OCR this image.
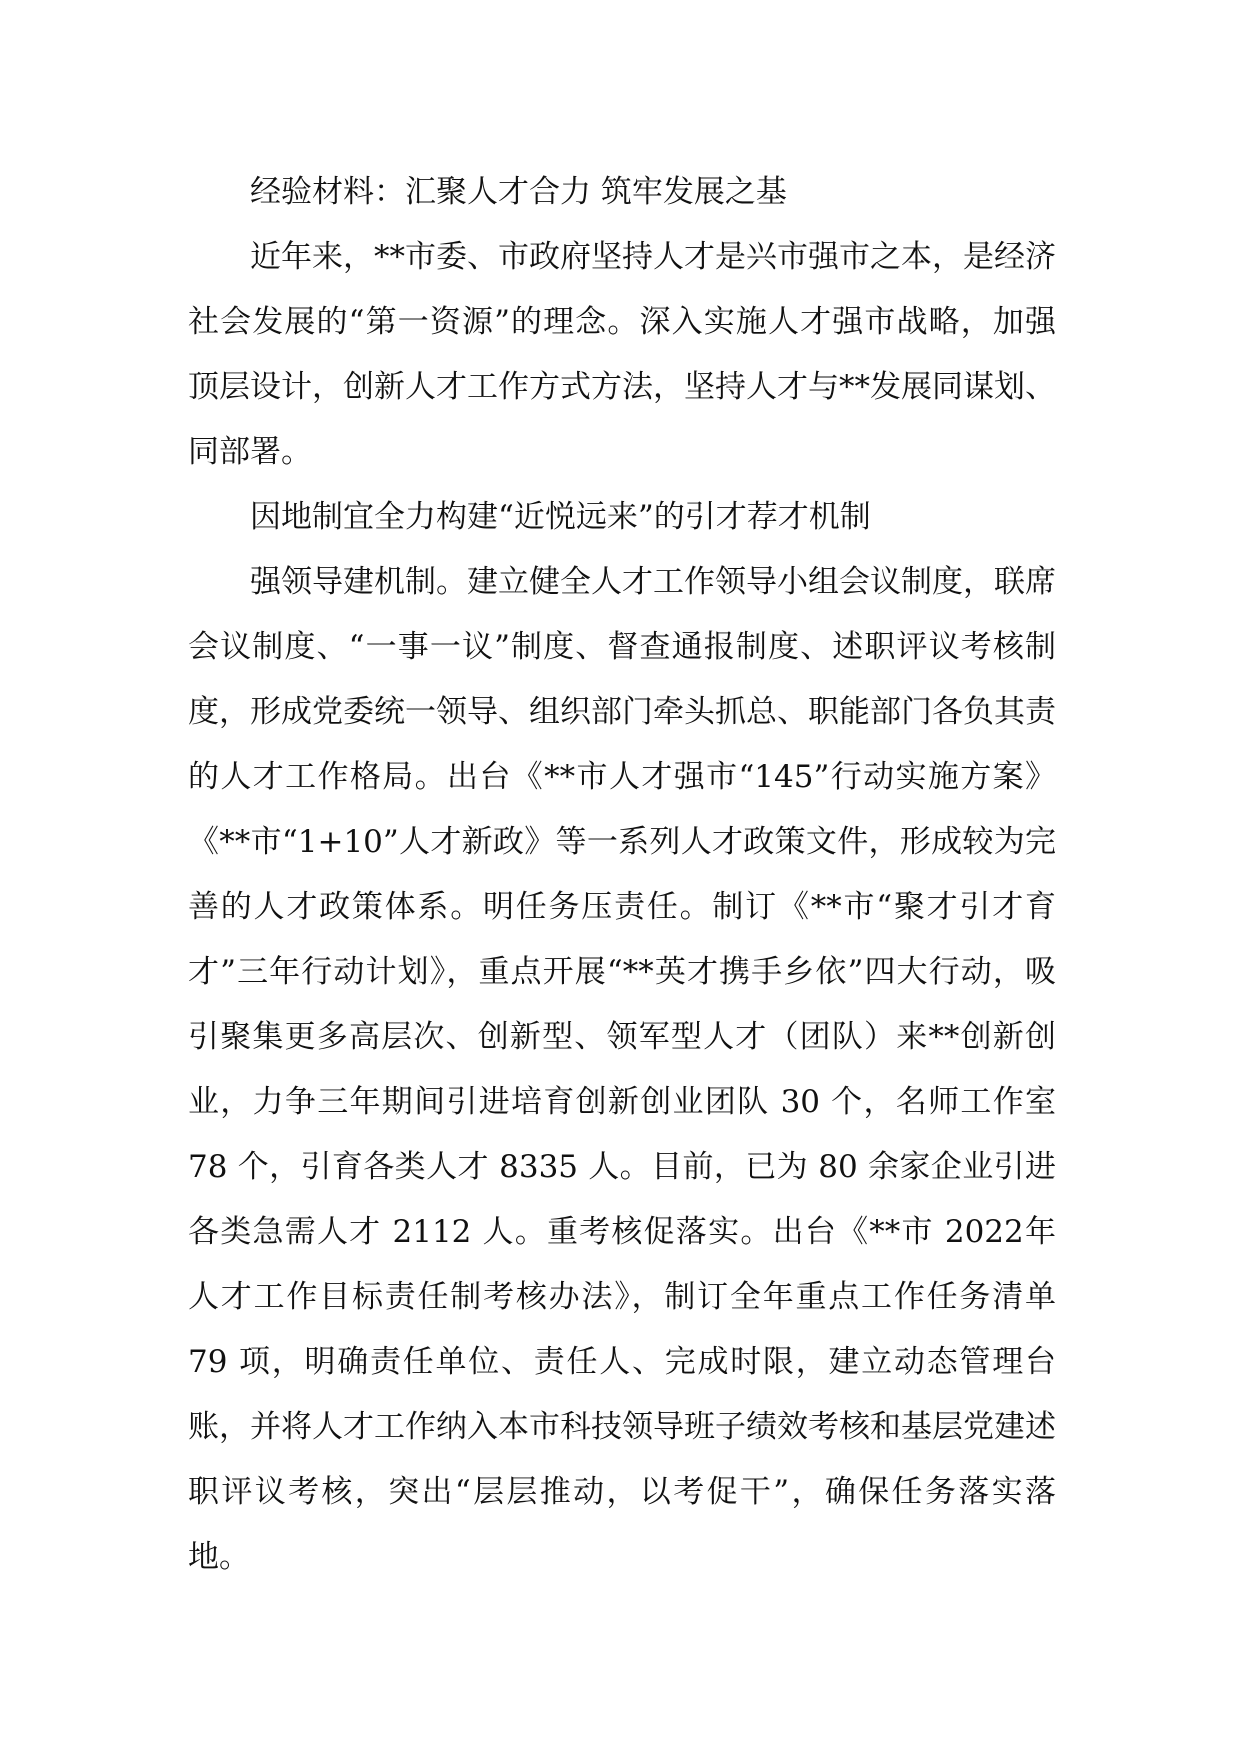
经验材料：汇聚人才合力 筑牢发展之基

近年来，**市委、市政府坚持人才是兴市强市之本，是经济社会发展的“第一资源”的理念。深入实施人才强市战略，加强顶层设计，创新人才工作方式方法，坚持人才与**发展同谋划、同部署。

因地制宜全力构建“近悦远来”的引才荐才机制

强领导建机制。建立健全人才工作领导小组会议制度，联席会议制度、“一事一议”制度、督查通报制度、述职评议考核制度，形成党委统一领导、组织部门牵头抓总、职能部门各负其责的人才工作格局。出台《**市人才强市“145”行动实施方案》《**市“1+10”人才新政》等一系列人才政策文件，形成较为完善的人才政策体系。明任务压责任。制订《**市“聚才引才育才”三年行动计划》，重点开展“**英才携手乡依”四大行动，吸引聚集更多高层次、创新型、领军型人才（团队）来**创新创业，力争三年期间引进培育创新创业团队 30 个，名师工作室 78 个，引育各类人才 8335 人。目前，已为 80 余家企业引进各类急需人才 2112 人。重考核促落实。出台《**市 2022年人才工作目标责任制考核办法》，制订全年重点工作任务清单 79 项，明确责任单位、责任人、完成时限，建立动态管理台账，并将人才工作纳入本市科技领导班子绩效考核和基层党建述职评议考核，突出“层层推动，以考促干”，确保任务落实落地。
